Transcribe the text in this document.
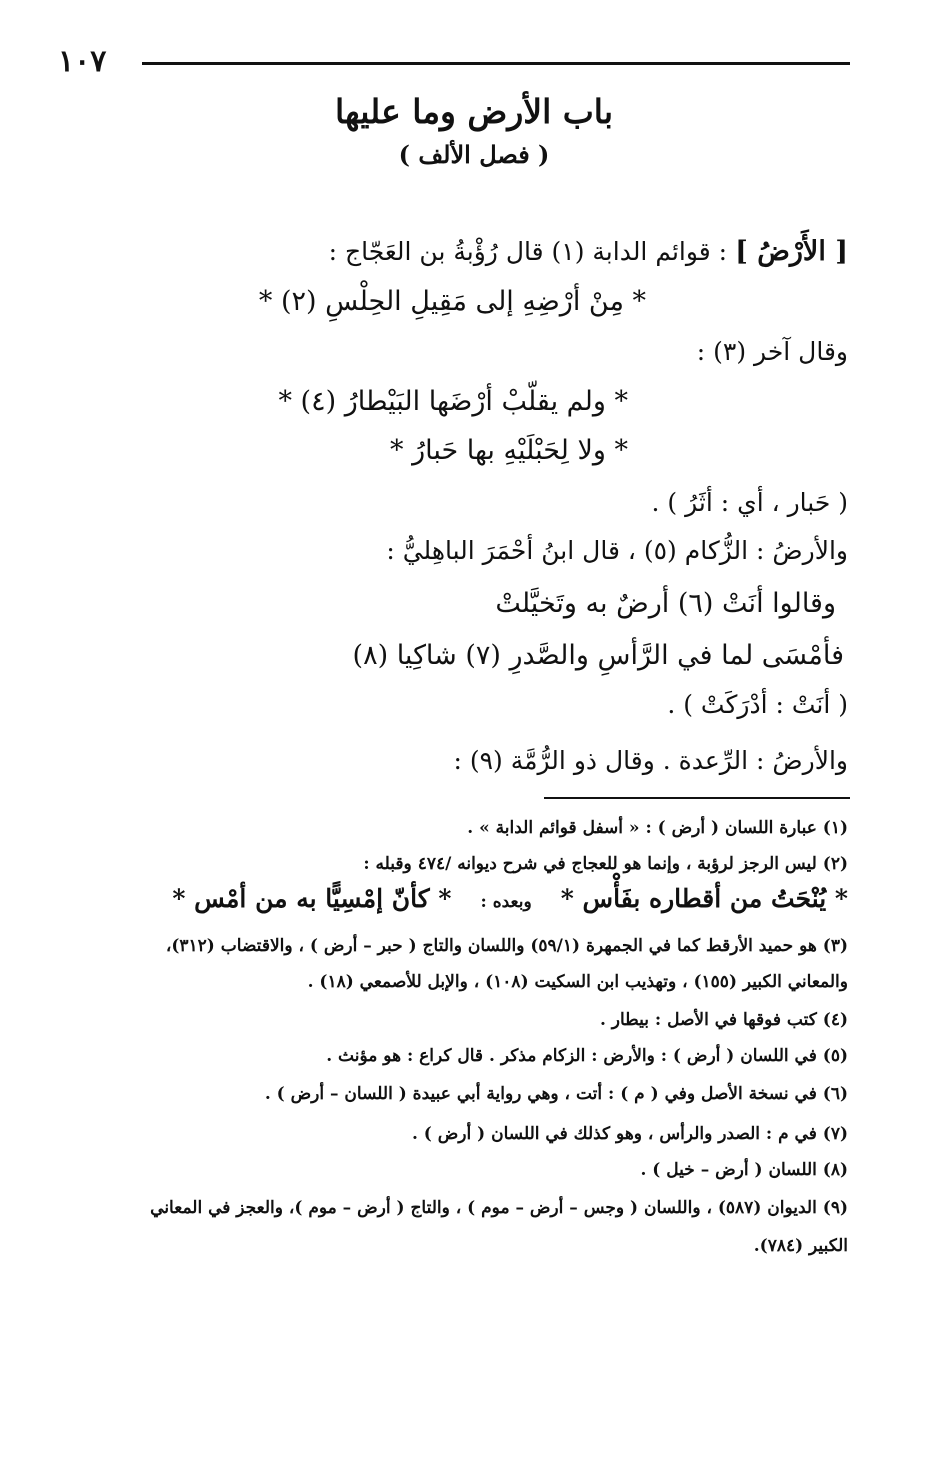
١٠٧
باب الأرض وما عليها
( فصل الألف )
[ الأَرْضُ ] : قوائم الدابة (١) قال رُؤْبةُ بن العَجّاج :
* مِنْ أرْضِهِ إلى مَقِيلِ الحِلْسِ (٢) *
وقال آخر (٣) :
* ولم يقلّبْ أرْضَها البَيْطارُ (٤) *
* ولا لِحَبْلَيْهِ بها حَبارُ *
( حَبار ، أي : أثَرُ ) .
والأرضُ : الزُّكام (٥) ، قال ابنُ أحْمَرَ الباهِليُّ :
وقالوا أنَتْ (٦) أرضٌ به وتَخيَّلتْ
فأمْسَى لما في الرَّأسِ والصَّدرِ (٧) شاكِيا (٨)
( أنَتْ : أدْرَكَتْ ) .
والأرضُ : الرِّعدة . وقال ذو الرُّمَّة (٩) :
(١) عبارة اللسان ( أرض ) : « أسفل قوائم الدابة » .
(٢) ليس الرجز لرؤبة ، وإنما هو للعجاج في شرح ديوانه /٤٧٤ وقبله :
* يُنْحَتُ من أقطاره بفَأْس * وبعده : * كأنّ إمْسِيًّا به من أمْس *
(٣) هو حميد الأرقط كما في الجمهرة (٥٩/١) واللسان والتاج ( حبر – أرض ) ، والاقتضاب (٣١٢)،
والمعاني الكبير (١٥٥) ، وتهذيب ابن السكيت (١٠٨) ، والإبل للأصمعي (١٨) .
(٤) كتب فوقها في الأصل : بيطار .
(٥) في اللسان ( أرض ) : والأرض : الزكام مذكر . قال كراع : هو مؤنث .
(٦) في نسخة الأصل وفي ( م ) : أتت ، وهي رواية أبي عبيدة ( اللسان – أرض ) .
(٧) في م : الصدر والرأس ، وهو كذلك في اللسان ( أرض ) .
(٨) اللسان ( أرض – خيل ) .
(٩) الديوان (٥٨٧) ، واللسان ( وجس – أرض – موم ) ، والتاج ( أرض – موم )، والعجز في المعاني
الكبير (٧٨٤).
